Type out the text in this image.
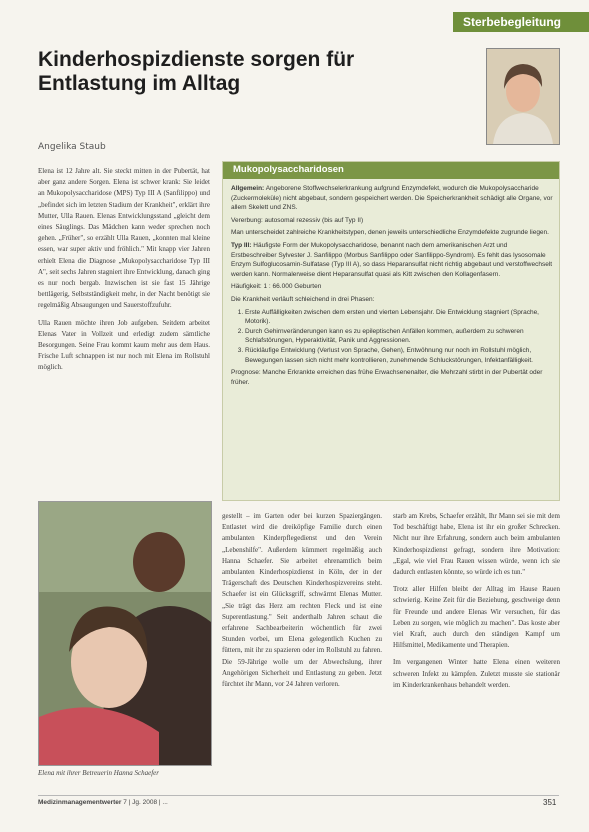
Sterbebegleitung
Kinderhospizdienste sorgen für Entlastung im Alltag
Angelika Staub

Elena ist 12 Jahre alt. Sie steckt mitten in der Pubertät, hat aber ganz andere Sorgen. Elena ist schwer krank: Sie leidet an Mukopolysaccharidose (MPS) Typ III A (Sanfilippo) und „befindet sich im letzten Stadium der Krankheit", erklärt ihre Mutter, Ulla Rauen. Elenas Entwicklungsstand „gleicht dem eines Säuglings. Das Mädchen kann weder sprechen noch gehen. „Früher", so erzählt Ulla Rauen, „konnten mal kleine essen, war super aktiv und fröhlich." Mit knapp vier Jahren erhielt Elena die Diagnose „Mukopolysaccharidose Typ III A", seit sechs Jahren stagniert ihre Entwicklung, danach ging es nur noch bergab. Inzwischen ist sie fast 15 Jährige bettlägerig, Selbstständigkeit mehr, in der Nacht benötigt sie regelmäßig Absaugungen und Sauerstoffzufuhr.

Ulla Rauen möchte ihren Job aufgeben. Seitdem arbeitet Elenas Vater in Vollzeit und erledigt zudem sämtliche Besorgungen. Seine Frau kommt kaum mehr aus dem Haus. Frische Luft schnappen ist nur noch mit Elena im Rollstuhl möglich.

Mukopolysaccharidosen

Allgemein: Angeborene Stoffwechselerkrankung aufgrund Enzymdefekt, wodurch die Mukopolysaccharide (Zuckermoleküle) nicht abgebaut, sondern gespeichert werden. Die Speicherkrankheit schädigt alle Organe, vor allem Skelett und ZNS.

Vererbung: autosomal rezessiv (bis auf Typ II)

Man unterscheidet zahlreiche Krankheitstypen, denen jeweils unterschiedliche Enzymdefekte zugrunde liegen.

Typ III: Häufigste Form der Mukopolysaccharidose, benannt nach dem amerikanischen Arzt und Erstbeschreiber Sylvester J. Sanfilippo (Morbus Sanfilippo oder Sanfilippo-Syndrom). Es fehlt das lysosomale Enzym Sulfoglucosamin-Sulfatase (Typ III A), so dass Heparansulfat nicht richtig abgebaut und verstoffwechselt werden kann. Normalerweise dient Heparansulfat quasi als Kitt zwischen den Kollagenfasern.

Häufigkeit: 1 : 66.000 Geburten

Die Krankheit verläuft schleichend in drei Phasen:

1. Erste Auffälligkeiten zwischen dem ersten und vierten Lebensjahr. Die Entwicklung stagniert (Sprache, Motorik).
2. Durch Gehirnveränderungen kann es zu epileptischen Anfällen kommen, außerdem zu schweren Schlafstörungen, Hyperaktivität, Panik und Aggressionen.
3. Rückläufige Entwicklung (Verlust von Sprache, Gehen), Entwöhnung nur noch im Rollstuhl möglich, Bewegungen lassen sich nicht mehr kontrollieren, zunehmende Schluckstörungen, Infektanfälligkeit.

Prognose: Manche Erkrankte erreichen das frühe Erwachsenenalter, die Mehrzahl stirbt in der Pubertät oder früher.

Elena mit ihrer Betreuerin Hanna Schaefer

gestellt – im Garten oder bei kurzen Spaziergängen. Entlastet wird die dreiköpfige Familie durch einen ambulanten Kinderpflegedienst und den Verein „Lebenshilfe". Außerdem kümmert regelmäßig auch Hanna Schaefer. Sie arbeitet ehrenamtlich beim ambulanten Kinderhospizdienst in Köln, der in der Trägerschaft des Deutschen Kinderhospizvereins steht. Schaefer ist ein Glücksgriff, schwärmt Elenas Mutter. „Sie trägt das Herz am rechten Fleck und ist eine Superentlastung." Seit anderthalb Jahren schaut die erfahrene Sachbearbeiterin wöchentlich für zwei Stunden vorbei, um Elena gelegentlich Kuchen zu füttern, mit ihr zu spazieren oder im Rollstuhl zu fahren. Die 59-Jährige wolle um der Abwechslung, ihrer Angehörigen Sicherheit und Entlastung zu geben. Jetzt fürchtet ihr Mann, vor 24 Jahren verloren.

starb am Krebs, Schaefer erzählt, Ihr Mann sei sie mit dem Tod beschäftigt habe, Elena ist ihr ein großer Schrecken. Nicht nur ihre Erfahrung, sondern auch beim ambulanten Kinderhospizdienst gefragt, sondern ihre Motivation: „Egal, wie viel Frau Rauen wissen würde, wenn ich sie dadurch entlasten könnte, so würde ich es tun."

Trotz aller Hilfen bleibt der Alltag im Hause Rauen schwierig. Keine Zeit für die Beziehung, geschweige denn für Freunde und andere Elenas Wir versuchen, für das Leben zu sorgen, wie möglich zu machen". Das koste aber viel Kraft, auch durch den ständigen Kampf um Hilfsmittel, Medikamente und Therapien.

Im vergangenen Winter hatte Elena einen weiteren schweren Infekt zu kämpfen. Zuletzt musste sie stationär im Kinderkrankenhaus behandelt werden.

Medizinmanagementwerter 7 | Jg. 2008 | ...	351
